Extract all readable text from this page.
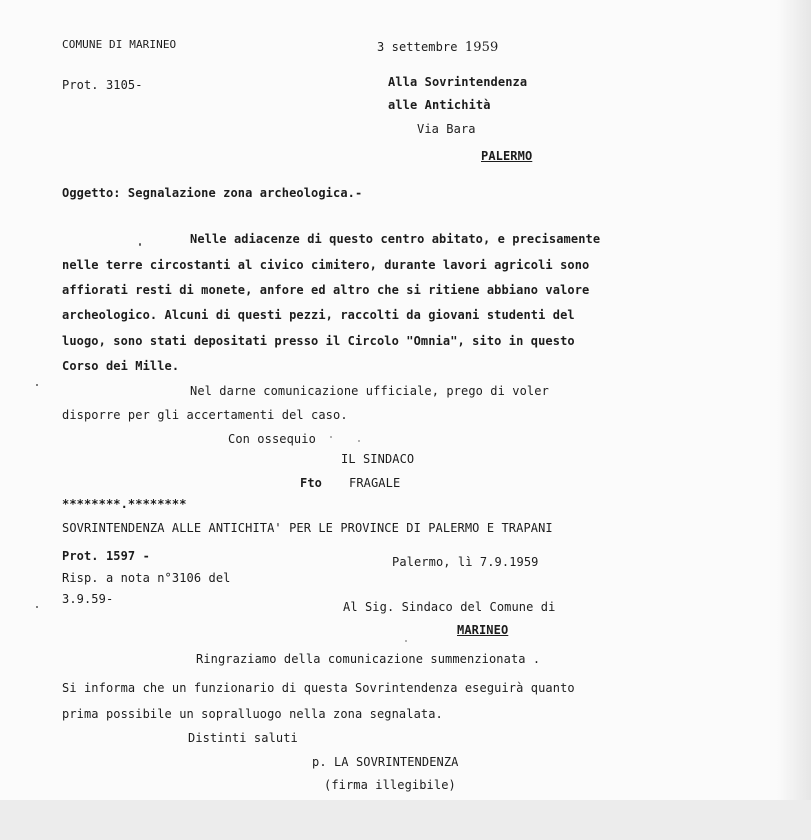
COMUNE DI MARINEO	3 settembre 1959
Prot. 3105-	Alla Sovrintendenza
alle Antichità
Via Bara
PALERMO
Oggetto: Segnalazione zona archeologica.-
Nelle adiacenze di questo centro abitato, e precisamente
nelle terre circostanti al civico cimitero, durante lavori agricoli sono
affiorati resti di monete, anfore ed altro che si ritiene abbiano valore
archeologico. Alcuni di questi pezzi, raccolti da giovani studenti del
luogo, sono stati depositati presso il Circolo "Omnia", sito in questo
Corso dei Mille.
Nel darne comunicazione ufficiale, prego di voler
disporre per gli accertamenti del caso.
Con ossequio
IL SINDACO
Fto FRAGALE
********.********
SOVRINTENDENZA ALLE ANTICHITA' PER LE PROVINCE DI PALERMO E TRAPANI
Prot. 1597 -	Palermo, lì 7.9.1959
Risp. a nota n°3106 del
3.9.59-
Al Sig. Sindaco del Comune di
MARINEO
Ringraziamo della comunicazione summenzionata .
Si informa che un funzionario di questa Sovrintendenza eseguirà quanto
prima possibile un sopralluogo nella zona segnalata.
Distinti saluti
p. LA SOVRINTENDENZA
(firma illegibile)
